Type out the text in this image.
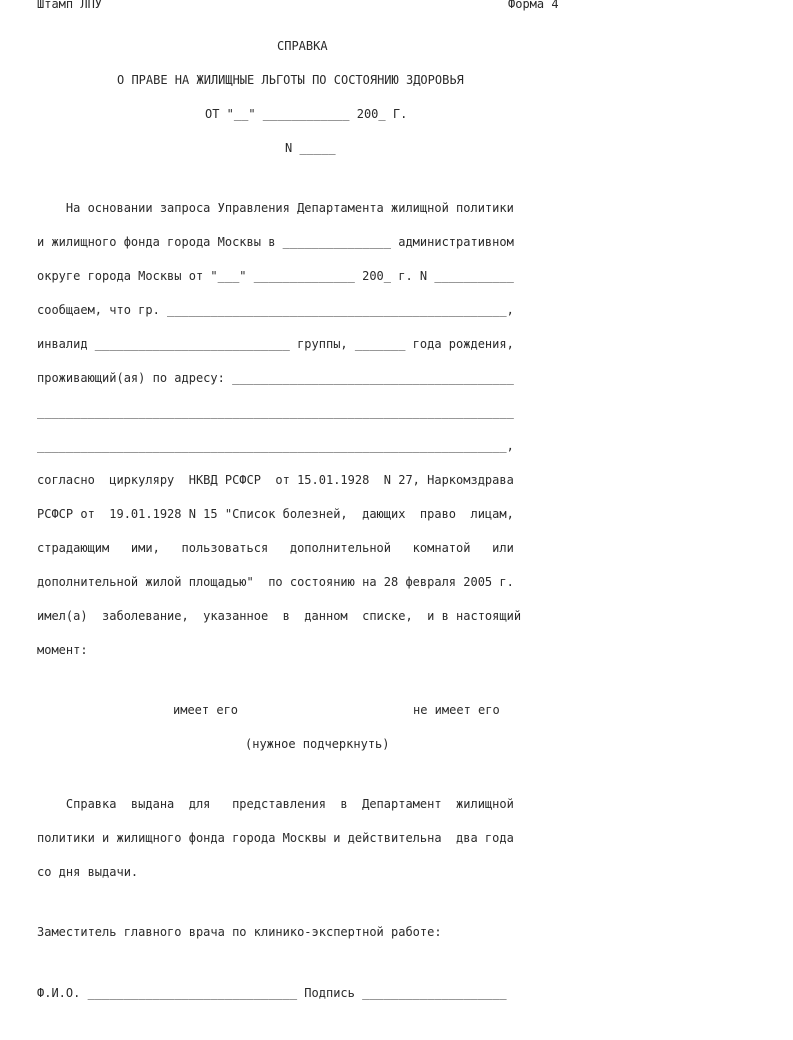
Штамп ЛПУ	Форма 4
СПРАВКА
О ПРАВЕ НА ЖИЛИЩНЫЕ ЛЬГОТЫ ПО СОСТОЯНИЮ ЗДОРОВЬЯ
ОТ "__" ____________ 200_ Г.
N _____
На основании запроса Управления Департамента жилищной политики
и жилищного фонда города Москвы в _______________ административном
округе города Москвы от "___" ______________ 200_ г. N ___________
сообщаем, что гр. _______________________________________________,
инвалид ___________________________ группы, _______ года рождения,
проживающий(ая) по адресу: _______________________________________
__________________________________________________________________
_________________________________________________________________,
согласно  циркуляру  НКВД РСФСР  от 15.01.1928  N 27, Наркомздрава
РСФСР от  19.01.1928 N 15 "Список болезней,  дающих  право  лицам,
страдающим   ими,   пользоваться   дополнительной   комнатой   или
дополнительной жилой площадью"  по состоянию на 28 февраля 2005 г.
имел(а)  заболевание,  указанное  в  данном  списке,  и в настоящий
момент:
имеет его	не имеет его
(нужное подчеркнуть)
Справка  выдана  для   представления  в  Департамент  жилищной
политики и жилищного фонда города Москвы и действительна  два года
со дня выдачи.
Заместитель главного врача по клинико-экспертной работе:
Ф.И.О. _____________________________ Подпись ____________________
